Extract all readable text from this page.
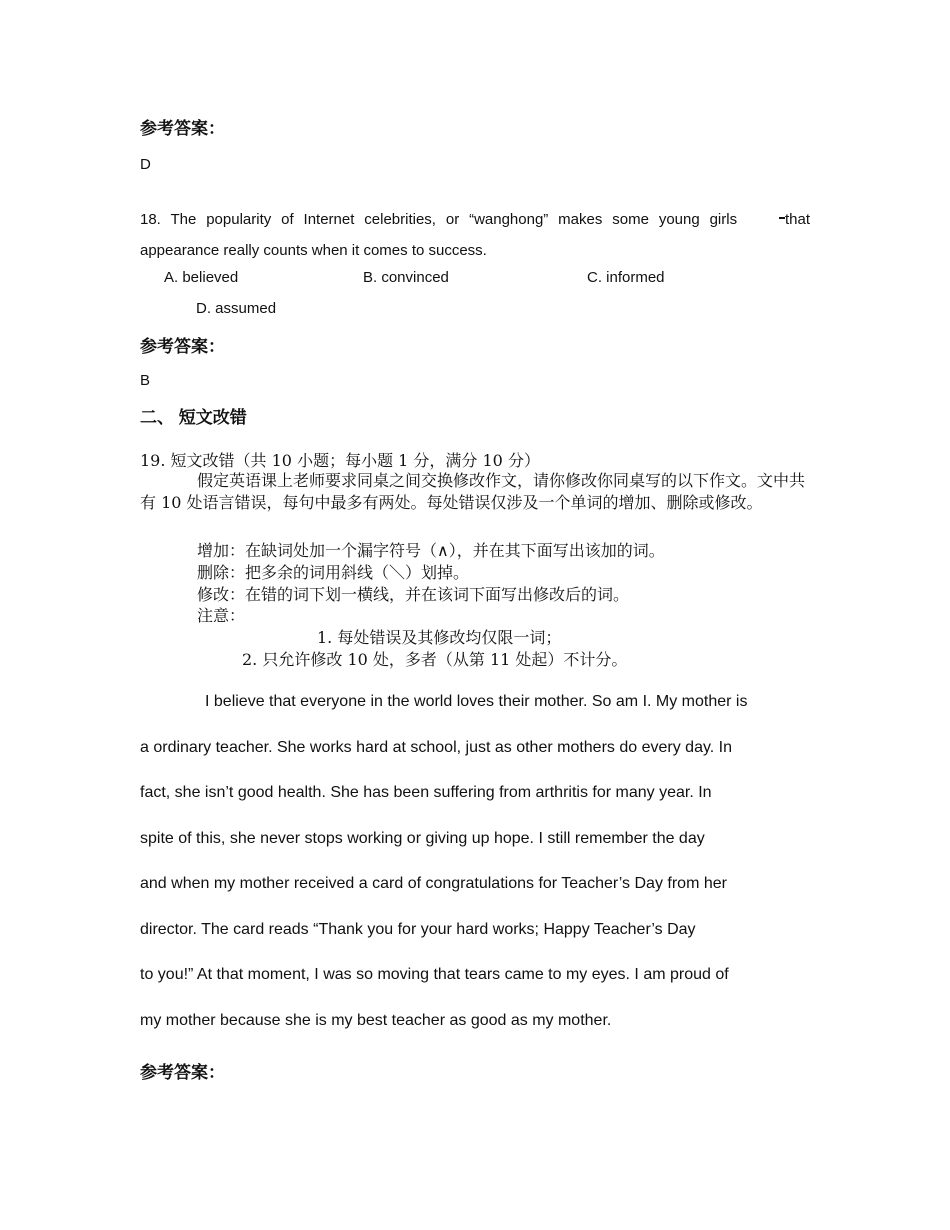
参考答案：
D

18. The popularity of Internet celebrities, or “wanghong” makes some young girls	that

appearance really counts when it comes to success.

A. believed	B. convinced	C. informed
D. assumed
参考答案：
B
二、 短文改错
19. 短文改错（共 10 小题；每小题 1 分，满分 10 分）
假定英语课上老师要求同桌之间交换修改作文，请你修改你同桌写的以下作文。文中共有 10 处语言错误，每句中最多有两处。每处错误仅涉及一个单词的增加、删除或修改。
增加：在缺词处加一个漏字符号（∧），并在其下面写出该加的词。
删除：把多余的词用斜线（＼）划掉。
修改：在错的词下划一横线，并在该词下面写出修改后的词。
注意：
1. 每处错误及其修改均仅限一词；
2. 只允许修改 10 处，多者（从第 11 处起）不计分。
I believe that everyone in the world loves their mother. So am I. My mother is
a ordinary teacher. She works hard at school, just as other mothers do every day. In
fact, she isn’t good health. She has been suffering from arthritis for many year. In
spite of this, she never stops working or giving up hope. I still remember the day
and when my mother received a card of congratulations for Teacher’s Day from her
director. The card reads “Thank you for your hard works; Happy Teacher’s Day
to you!” At that moment, I was so moving that tears came to my eyes. I am proud of
my mother because she is my best teacher as good as my mother.
参考答案：
